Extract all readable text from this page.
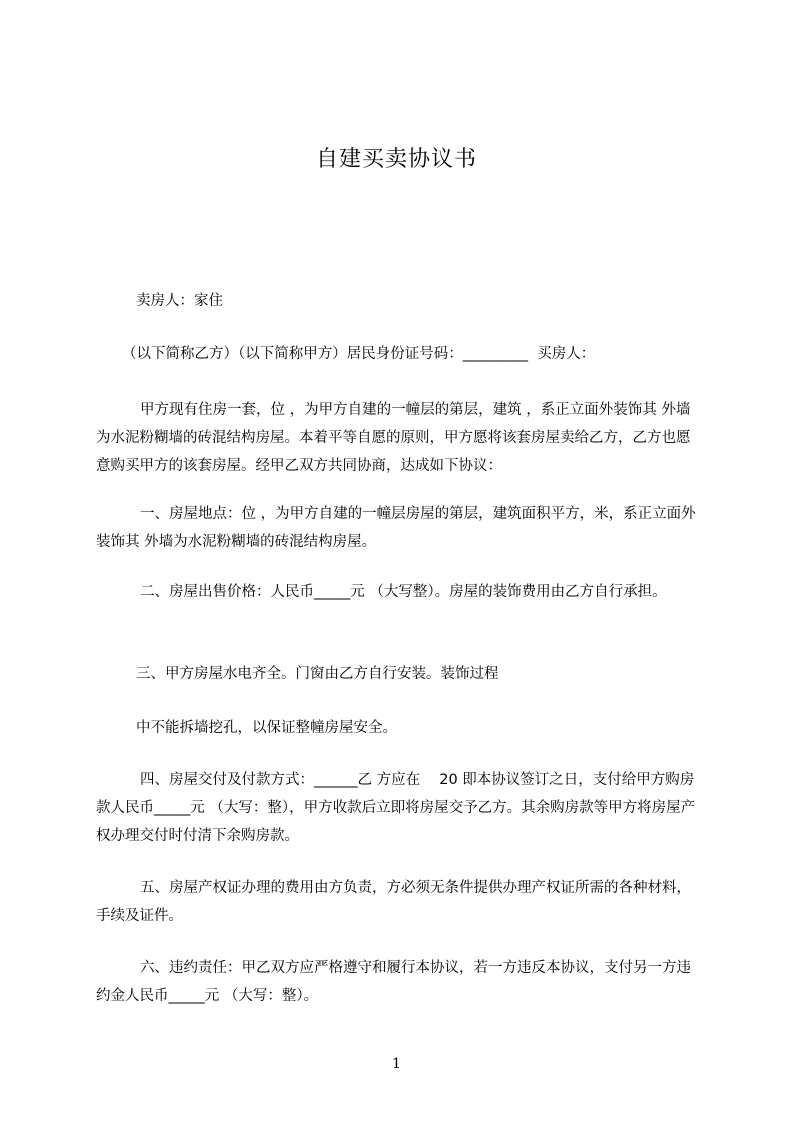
自建买卖协议书
卖房人：家住
（以下简称乙方）（以下简称甲方）居民身份证号码：_________  买房人：
甲方现有住房一套，位 ，为甲方自建的一幢层的第层，建筑 ，系正立面外装饰其 外墙为水泥粉糊墙的砖混结构房屋。本着平等自愿的原则，甲方愿将该套房屋卖给乙方，乙方也愿意购买甲方的该套房屋。经甲乙双方共同协商，达成如下协议：
一、房屋地点：位 ，为甲方自建的一幢层房屋的第层，建筑面积平方，米，系正立面外装饰其 外墙为水泥粉糊墙的砖混结构房屋。
二、房屋出售价格：人民币_____元 （大写整）。房屋的装饰费用由乙方自行承担。
三、甲方房屋水电齐全。门窗由乙方自行安装。装饰过程
中不能拆墙挖孔，以保证整幢房屋安全。
四、房屋交付及付款方式：______乙 方应在　 20 即本协议签订之日，支付给甲方购房款人民币_____元 （大写：整），甲方收款后立即将房屋交予乙方。其余购房款等甲方将房屋产权办理交付时付清下余购房款。
五、房屋产权证办理的费用由方负责，方必须无条件提供办理产权证所需的各种材料，手续及证件。
六、违约责任：甲乙双方应严格遵守和履行本协议，若一方违反本协议，支付另一方违约金人民币_____元 （大写：整）。
1
